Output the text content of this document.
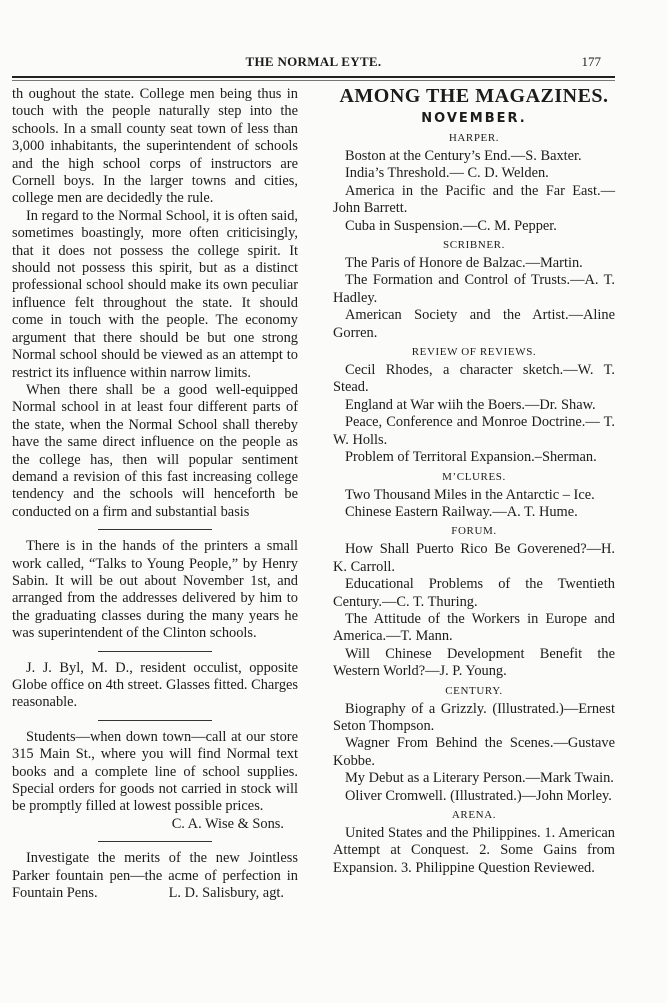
THE NORMAL EYTE.	177

th oughout the state. College men being thus in touch with the people naturally step into the schools. In a small county seat town of less than 3,000 inhabitants, the superintendent of schools and the high school corps of instructors are Cornell boys. In the larger towns and cities, college men are decidedly the rule.

In regard to the Normal School, it is often said, sometimes boastingly, more often criticisingly, that it does not possess the college spirit. It should not possess this spirit, but as a distinct professional school should make its own peculiar influence felt throughout the state. It should come in touch with the people. The economy argument that there should be but one strong Normal school should be viewed as an attempt to restrict its influence within narrow limits.

When there shall be a good well-equipped Normal school in at least four different parts of the state, when the Normal School shall thereby have the same direct influence on the people as the college has, then will popular sentiment demand a revision of this fast increasing college tendency and the schools will henceforth be conducted on a firm and substantial basis

There is in the hands of the printers a small work called, “Talks to Young People,” by Henry Sabin. It will be out about November 1st, and arranged from the addresses delivered by him to the graduating classes during the many years he was superintendent of the Clinton schools.

J. J. Byl, M. D., resident occulist, opposite Globe office on 4th street. Glasses fitted. Charges reasonable.

Students—when down town—call at our store 315 Main St., where you will find Normal text books and a complete line of school supplies. Special orders for goods not carried in stock will be promptly filled at lowest possible prices.
C. A. Wise & Sons.

Investigate the merits of the new Jointless Parker fountain pen—the acme of perfection in Fountain Pens.	L. D. Salisbury, agt.

AMONG THE MAGAZINES.
NOVEMBER.
HARPER.

Boston at the Century’s End.—S. Baxter.

India’s Threshold.— C. D. Welden.

America in the Pacific and the Far East.— John Barrett.

Cuba in Suspension.—C. M. Pepper.

SCRIBNER.

The Paris of Honore de Balzac.—Martin.

The Formation and Control of Trusts.—A. T. Hadley.

American Society and the Artist.—Aline Gorren.

REVIEW OF REVIEWS.

Cecil Rhodes, a character sketch.—W. T. Stead.

England at War wiih the Boers.—Dr. Shaw.

Peace, Conference and Monroe Doctrine.— T. W. Holls.

Problem of Territoral Expansion.–Sherman.

M’CLURES.

Two Thousand Miles in the Antarctic – Ice.

Chinese Eastern Railway.—A. T. Hume.

FORUM.

How Shall Puerto Rico Be Goverened?—H. K. Carroll.

Educational Problems of the Twentieth Century.—C. T. Thuring.

The Attitude of the Workers in Europe and America.—T. Mann.

Will Chinese Development Benefit the Western World?—J. P. Young.

CENTURY.

Biography of a Grizzly. (Illustrated.)—Ernest Seton Thompson.

Wagner From Behind the Scenes.—Gustave Kobbe.

My Debut as a Literary Person.—Mark Twain.

Oliver Cromwell. (Illustrated.)—John Morley.

ARENA.

United States and the Philippines. 1. American Attempt at Conquest. 2. Some Gains from Expansion. 3. Philippine Question Reviewed.
